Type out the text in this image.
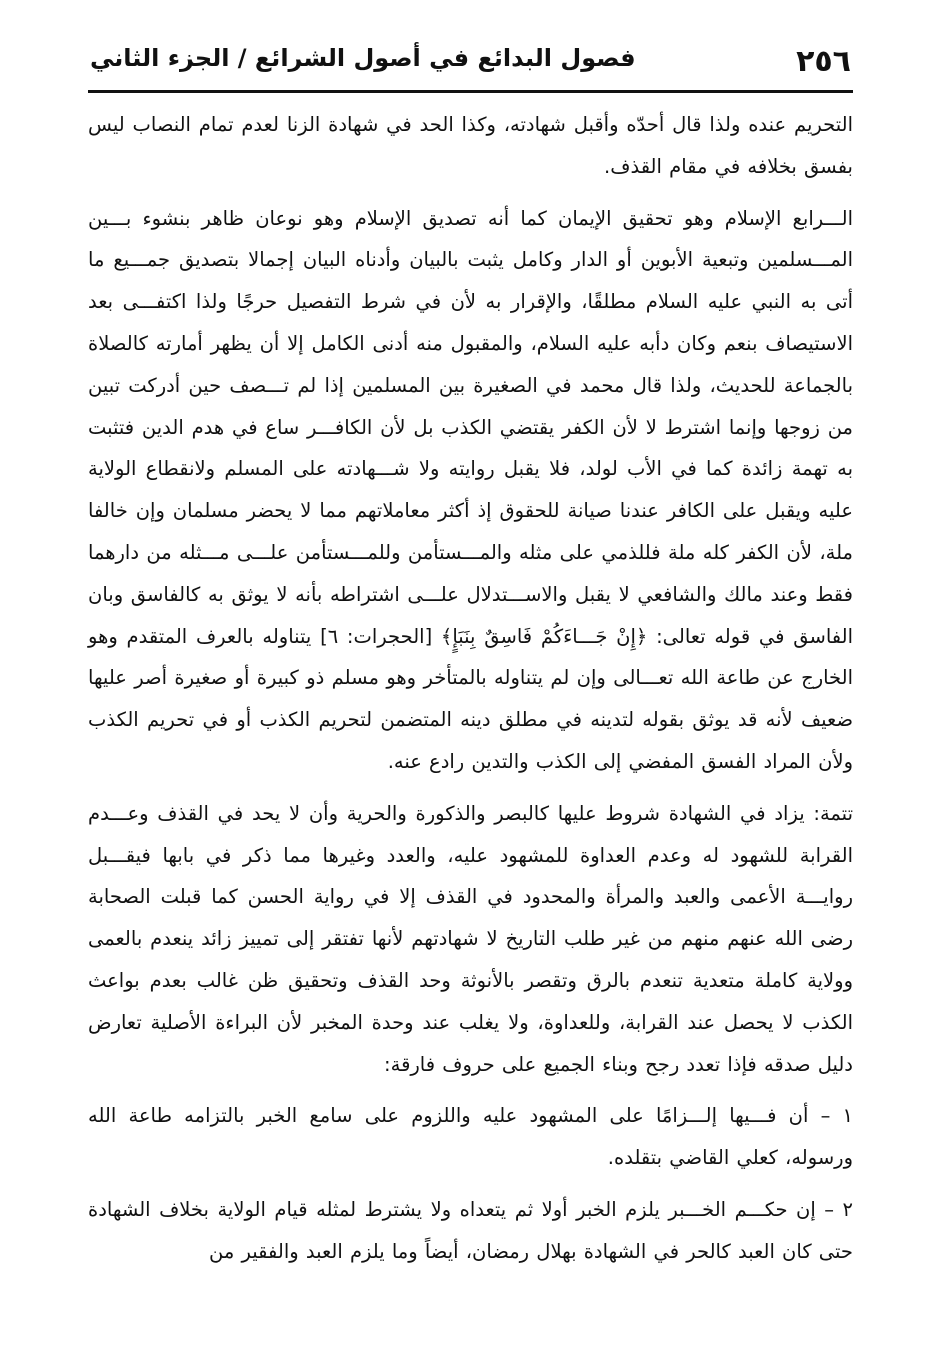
٢٥٦
فصول البدائع في أصول الشرائع / الجزء الثاني

التحريم عنده ولذا قال أحدّه وأقبل شهادته، وكذا الحد في شهادة الزنا لعدم تمام النصاب ليس بفسق بخلافه في مقام القذف.

الـــرابع الإسلام وهو تحقيق الإيمان كما أنه تصديق الإسلام وهو نوعان ظاهر بنشوء بـــين المـــسلمين وتبعية الأبوين أو الدار وكامل يثبت بالبيان وأدناه البيان إجمالا بتصديق جمـــيع ما أتى به النبي عليه السلام مطلقًا، والإقرار به لأن في شرط التفصيل حرجًا ولذا اكتفـــى بعد الاستيصاف بنعم وكان دأبه عليه السلام، والمقبول منه أدنى الكامل إلا أن يظهر أمارته كالصلاة بالجماعة للحديث، ولذا قال محمد في الصغيرة بين المسلمين إذا لم تـــصف حين أدركت تبين من زوجها وإنما اشترط لا لأن الكفر يقتضي الكذب بل لأن الكافـــر ساع في هدم الدين فتثبت به تهمة زائدة كما في الأب لولد، فلا يقبل روايته ولا شـــهادته على المسلم ولانقطاع الولاية عليه ويقبل على الكافر عندنا صيانة للحقوق إذ أكثر معاملاتهم مما لا يحضر مسلمان وإن خالفا ملة، لأن الكفر كله ملة فللذمي على مثله والمـــستأمن وللمـــستأمن علـــى مـــثله من دارهما فقط وعند مالك والشافعي لا يقبل والاســـتدلال علـــى اشتراطه بأنه لا يوثق به كالفاسق وبان الفاسق في قوله تعالى: ﴿إِنْ جَـــاءَكُمْ فَاسِقٌ بِنَبَإٍ﴾ [الحجرات: ٦] يتناوله بالعرف المتقدم وهو الخارج عن طاعة الله تعـــالى وإن لم يتناوله بالمتأخر وهو مسلم ذو كبيرة أو صغيرة أصر عليها ضعيف لأنه قد يوثق بقوله لتدينه في مطلق دينه المتضمن لتحريم الكذب أو في تحريم الكذب ولأن المراد الفسق المفضي إلى الكذب والتدين رادع عنه.

تتمة: يزاد في الشهادة شروط عليها كالبصر والذكورة والحرية وأن لا يحد في القذف وعـــدم القرابة للشهود له وعدم العداوة للمشهود عليه، والعدد وغيرها مما ذكر في بابها فيقـــبل روايـــة الأعمى والعبد والمرأة والمحدود في القذف إلا في رواية الحسن كما قبلت الصحابة رضى الله عنهم منهم من غير طلب التاريخ لا شهادتهم لأنها تفتقر إلى تمييز زائد ينعدم بالعمى وولاية كاملة متعدية تنعدم بالرق وتقصر بالأنوثة وحد القذف وتحقيق ظن غالب بعدم بواعث الكذب لا يحصل عند القرابة، وللعداوة، ولا يغلب عند وحدة المخبر لأن البراءة الأصلية تعارض دليل صدقه فإذا تعدد رجح وبناء الجميع على حروف فارقة:

١ – أن فـــيها إلـــزامًا على المشهود عليه واللزوم على سامع الخبر بالتزامه طاعة الله ورسوله، كعلي القاضي بتقلده.

٢ – إن حكـــم الخـــبر يلزم الخبر أولا ثم يتعداه ولا يشترط لمثله قيام الولاية بخلاف الشهادة حتى كان العبد كالحر في الشهادة بهلال رمضان، أيضاً وما يلزم العبد والفقير من
